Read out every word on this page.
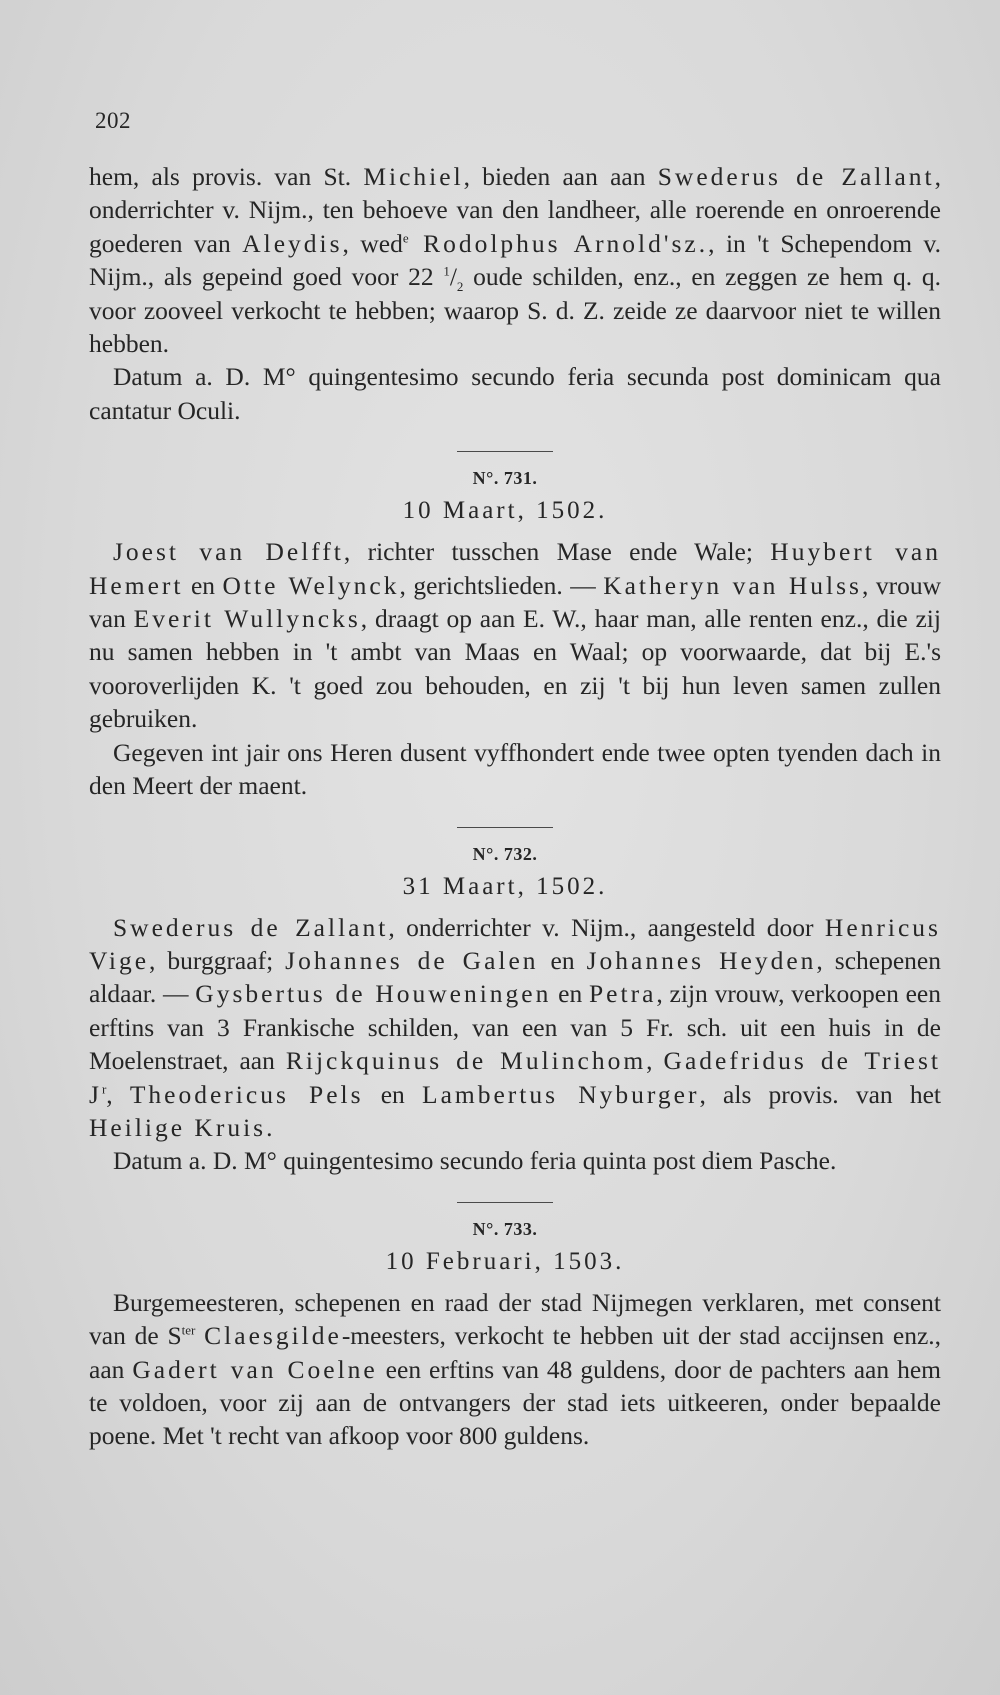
202

hem, als provis. van St. Michiel, bieden aan aan Swederus de Zallant, onderrichter v. Nijm., ten behoeve van den landheer, alle roerende en onroerende goederen van Aleydis, wed$^e$ Rodolphus Arnold'sz., in 't Schependom v. Nijm., als gepeind goed voor 22 $^1/_2$ oude schilden, enz., en zeggen ze hem q. q. voor zooveel verkocht te hebben; waarop S. d. Z. zeide ze daarvoor niet te willen hebben.

Datum a. D. M° quingentesimo secundo feria secunda post dominicam qua cantatur Oculi.

N°. 731.
10 Maart, 1502.

Joest van Delfft, richter tusschen Mase ende Wale; Huybert van Hemert en Otte Welynck, gerichtslieden. — Katheryn van Hulss, vrouw van Everit Wullyncks, draagt op aan E. W., haar man, alle renten enz., die zij nu samen hebben in 't ambt van Maas en Waal; op voorwaarde, dat bij E.'s vooroverlijden K. 't goed zou behouden, en zij 't bij hun leven samen zullen gebruiken.

Gegeven int jair ons Heren dusent vyffhondert ende twee opten tyenden dach in den Meert der maent.

N°. 732.
31 Maart, 1502.

Swederus de Zallant, onderrichter v. Nijm., aangesteld door Henricus Vige, burggraaf; Johannes de Galen en Johannes Heyden, schepenen aldaar. — Gysbertus de Houweningen en Petra, zijn vrouw, verkoopen een erftins van 3 Frankische schilden, van een van 5 Fr. sch. uit een huis in de Moelenstraet, aan Rijckquinus de Mulinchom, Gadefridus de Triest $J^r$, Theodericus Pels en Lambertus Nyburger, als provis. van het Heilige Kruis.

Datum a. D. M° quingentesimo secundo feria quinta post diem Pasche.

N°. 733.
10 Februari, 1503.

Burgemeesteren, schepenen en raad der stad Nijmegen verklaren, met consent van de $S^{ter}$ Claesgilde-meesters, verkocht te hebben uit der stad accijnsen enz., aan Gadert van Coelne een erftins van 48 guldens, door de pachters aan hem te voldoen, voor zij aan de ontvangers der stad iets uitkeeren, onder bepaalde poene. Met 't recht van afkoop voor 800 guldens.
